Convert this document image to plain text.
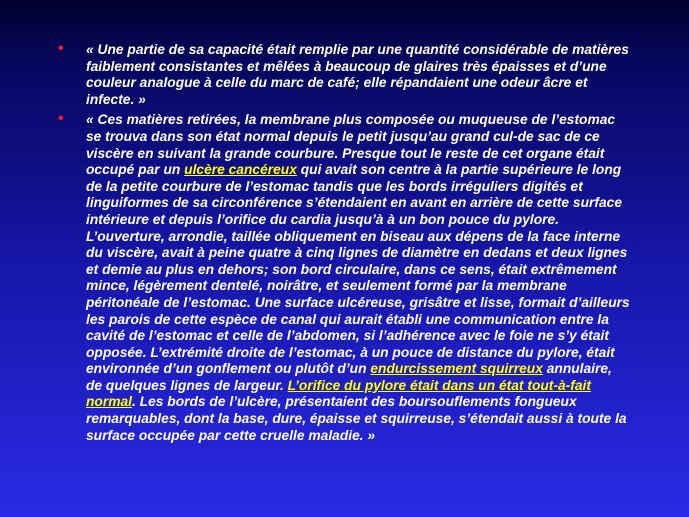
• « Une partie de sa capacité était remplie par une quantité considérable de matières faiblement consistantes et mêlées à beaucoup de glaires très épaisses et d’une couleur analogue à celle du marc de café; elle répandaient une odeur âcre et infecte. »
• « Ces matières retirées, la membrane plus composée ou muqueuse de l’estomac se trouva dans son état normal depuis le petit jusqu’au grand cul-de sac de ce viscère en suivant la grande courbure. Presque tout le reste de cet organe était occupé par un ulcère cancéreux qui avait son centre à la partie supérieure le long de la petite courbure de l’estomac tandis que les bords irréguliers digités et linguiformes de sa circonférence s’étendaient en avant en arrière de cette surface intérieure et depuis l’orifice du cardia jusqu’à à un bon pouce du pylore. L’ouverture, arrondie, taillée obliquement en biseau aux dépens de la face interne du viscère, avait à peine quatre à cinq lignes de diamètre en dedans et deux lignes et demie au plus en dehors; son bord circulaire, dans ce sens, était extrêmement mince, légèrement dentelé, noirâtre, et seulement formé par la membrane péritonéale de l’estomac. Une surface ulcéreuse, grisâtre et lisse, formait d’ailleurs les parois de cette espèce de canal qui aurait établi une communication entre la cavité de l’estomac et celle de l’abdomen, si l’adhérence avec le foie ne s’y était opposée. L’extrémité droite de l’estomac, à un pouce de distance du pylore, était environnée d’un gonflement ou plutôt d’un endurcissement squirreux annulaire, de quelques lignes de largeur. L’orifice du pylore était dans un état tout-à-fait normal. Les bords de l’ulcère, présentaient des boursouflements fongueux remarquables, dont la base, dure, épaisse et squirreuse, s’étendait aussi à toute la surface occupée par cette cruelle maladie. »
